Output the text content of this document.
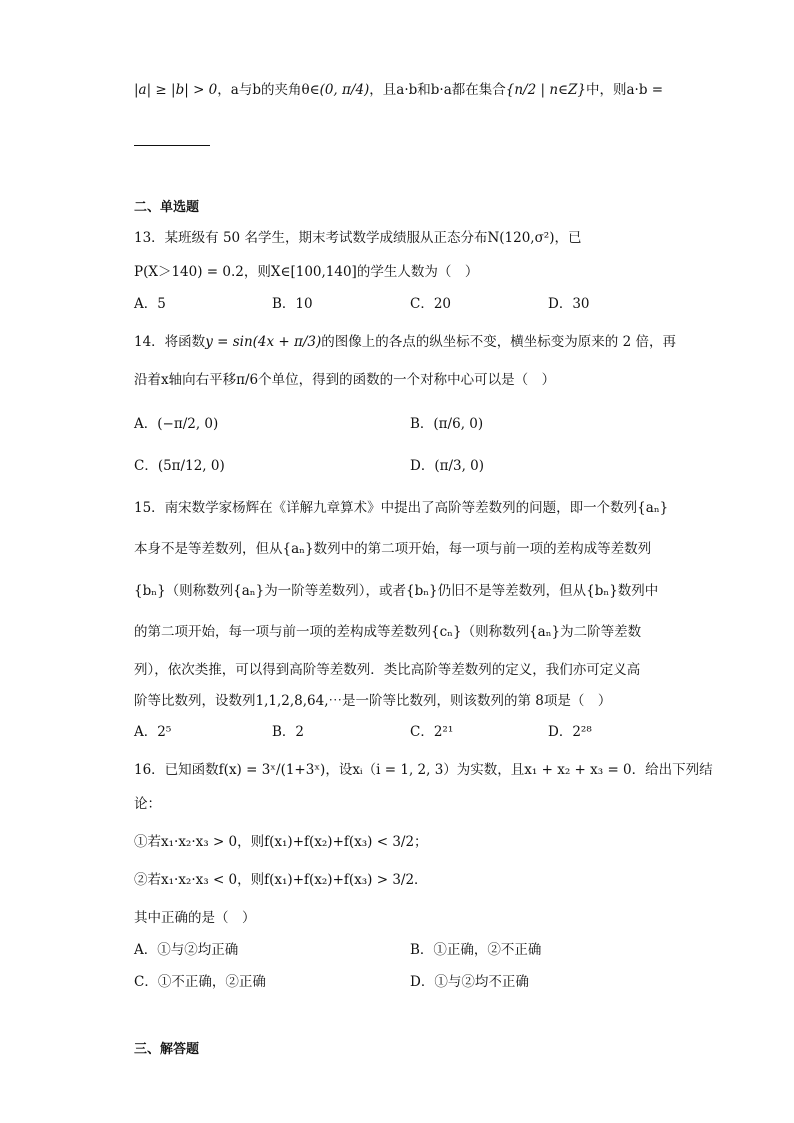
|a| ≥ |b| > 0，a与b的夹角θ∈(0, π/4)，且a·b和b·a都在集合{n/2 | n∈Z}中，则a·b =
二、单选题
13．某班级有 50 名学生，期末考试数学成绩服从正态分布N(120,σ²)，已
P(X＞140) = 0.2，则X∈[100,140]的学生人数为（　）
A．5	B．10	C．20	D．30
14．将函数y = sin(4x + π/3)的图像上的各点的纵坐标不变，横坐标变为原来的 2 倍，再
沿着x轴向右平移π/6个单位，得到的函数的一个对称中心可以是（　）
A．(−π/2, 0)	B．(π/6, 0)
C．(5π/12, 0)	D．(π/3, 0)
15．南宋数学家杨辉在《详解九章算术》中提出了高阶等差数列的问题，即一个数列{aₙ}
本身不是等差数列，但从{aₙ}数列中的第二项开始，每一项与前一项的差构成等差数列
{bₙ}（则称数列{aₙ}为一阶等差数列），或者{bₙ}仍旧不是等差数列，但从{bₙ}数列中
的第二项开始，每一项与前一项的差构成等差数列{cₙ}（则称数列{aₙ}为二阶等差数
列），依次类推，可以得到高阶等差数列．类比高阶等差数列的定义，我们亦可定义高
阶等比数列，设数列1,1,2,8,64,⋯是一阶等比数列，则该数列的第 8项是（　）
A．2⁵	B．2	C．2²¹	D．2²⁸
16．已知函数f(x) = 3ˣ/(1+3ˣ)，设xᵢ（i = 1, 2, 3）为实数，且x₁ + x₂ + x₃ = 0．给出下列结
论：
①若x₁·x₂·x₃ > 0，则f(x₁)+f(x₂)+f(x₃) < 3/2；
②若x₁·x₂·x₃ < 0，则f(x₁)+f(x₂)+f(x₃) > 3/2．
其中正确的是（　）
A．①与②均正确	B．①正确，②不正确
C．①不正确，②正确	D．①与②均不正确
三、解答题
